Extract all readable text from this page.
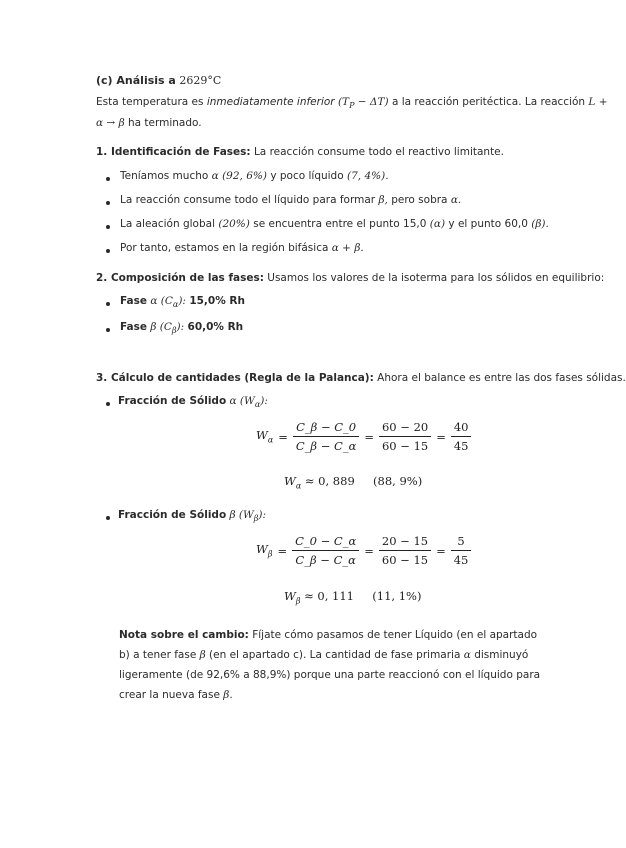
(c) Análisis a 2629°C
Esta temperatura es inmediatamente inferior $(T_P - \Delta T)$ a la reacción peritéctica. La reacción L +
α → β ha terminado.
1. Identificación de Fases: La reacción consume todo el reactivo limitante.
Teníamos mucho α (92, 6%) y poco líquido (7, 4%).
La reacción consume todo el líquido para formar β, pero sobra α.
La aleación global (20%) se encuentra entre el punto 15,0 (α) y el punto 60,0 (β).
Por tanto, estamos en la región bifásica α + β.
2. Composición de las fases: Usamos los valores de la isoterma para los sólidos en equilibrio:
Fase α $(C_\alpha)$: 15,0% Rh
Fase β $(C_\beta)$: 60,0% Rh
3. Cálculo de cantidades (Regla de la Palanca): Ahora el balance es entre las dos fases sólidas.
Fracción de Sólido α $(W_\alpha)$:
$W_\alpha = \frac{C\_\beta - C\_0}{C\_\beta - C\_\alpha} = \frac{60 - 20}{60 - 15} = \frac{40}{45}$
$W_\alpha \approx 0$, 889 (88, 9%)
Fracción de Sólido β $(W_\beta)$:
$W_\beta = \frac{C\_0 - C\_\alpha}{C\_\beta - C\_\alpha} = \frac{20 - 15}{60 - 15} = \frac{5}{45}$
$W_\beta \approx 0$, 111 (11, 1%)
Nota sobre el cambio: Fíjate cómo pasamos de tener Líquido (en el apartado b) a tener fase β (en el apartado c). La cantidad de fase primaria α disminuyó ligeramente (de 92,6% a 88,9%) porque una parte reaccionó con el líquido para crear la nueva fase β.
